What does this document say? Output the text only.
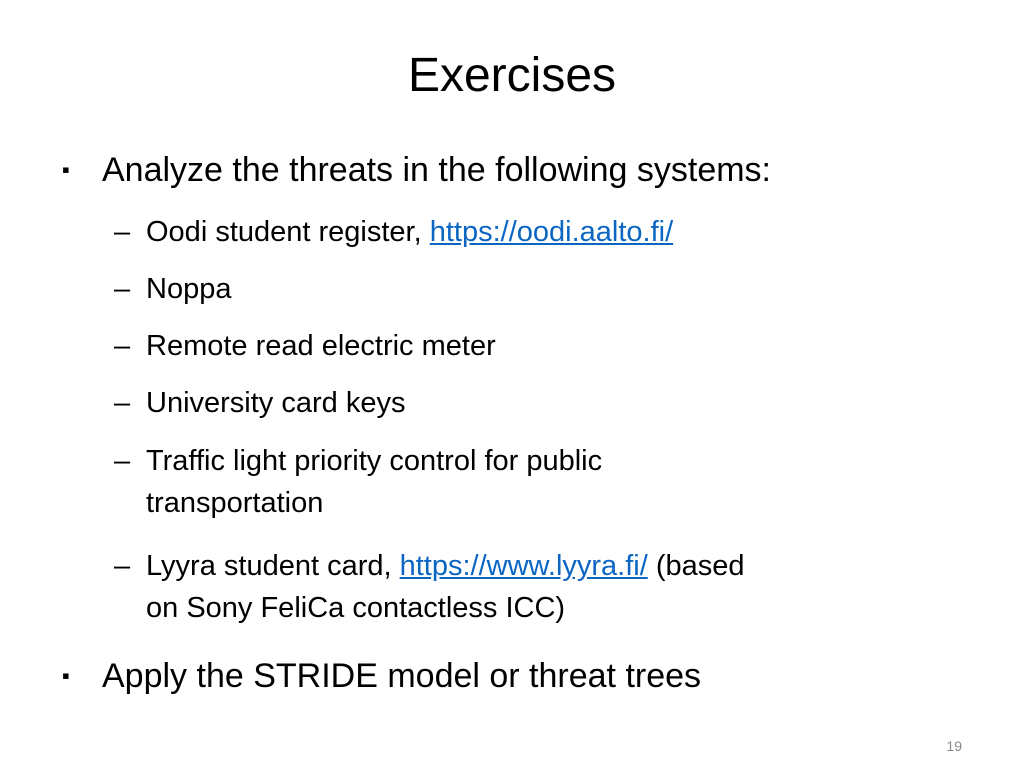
Exercises
▪ Analyze the threats in the following systems:
– Oodi student register, https://oodi.aalto.fi/
– Noppa
– Remote read electric meter
– University card keys
– Traffic light priority control for public
transportation
– Lyyra student card, https://www.lyyra.fi/ (based
on Sony FeliCa contactless ICC)
▪ Apply the STRIDE model or threat trees
19
